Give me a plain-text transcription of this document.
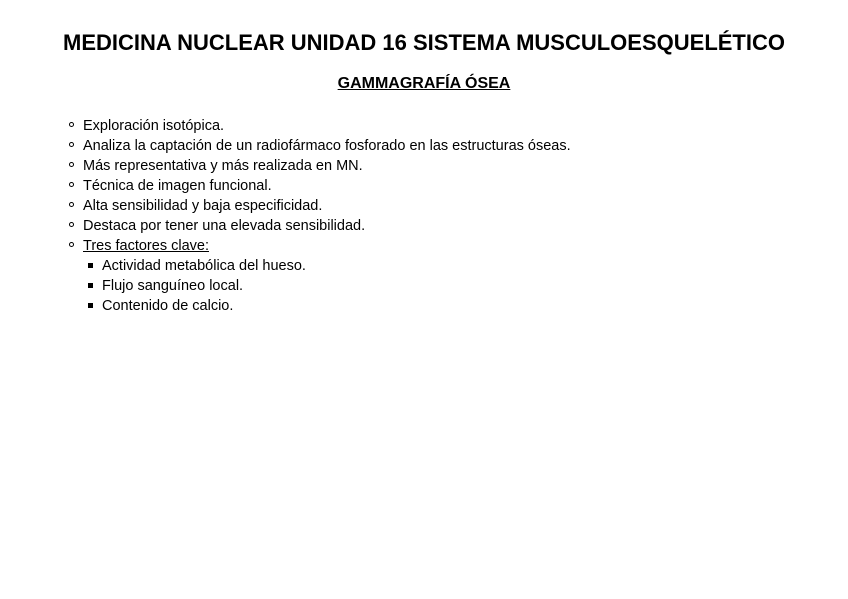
MEDICINA NUCLEAR UNIDAD 16 SISTEMA MUSCULOESQUELÉTICO
GAMMAGRAFÍA ÓSEA
Exploración isotópica.
Analiza la captación de un radiofármaco fosforado en las estructuras óseas.
Más representativa y más realizada en MN.
Técnica de imagen funcional.
Alta sensibilidad y baja especificidad.
Destaca por tener una elevada sensibilidad.
Tres factores clave:
Actividad metabólica del hueso.
Flujo sanguíneo local.
Contenido de calcio.
